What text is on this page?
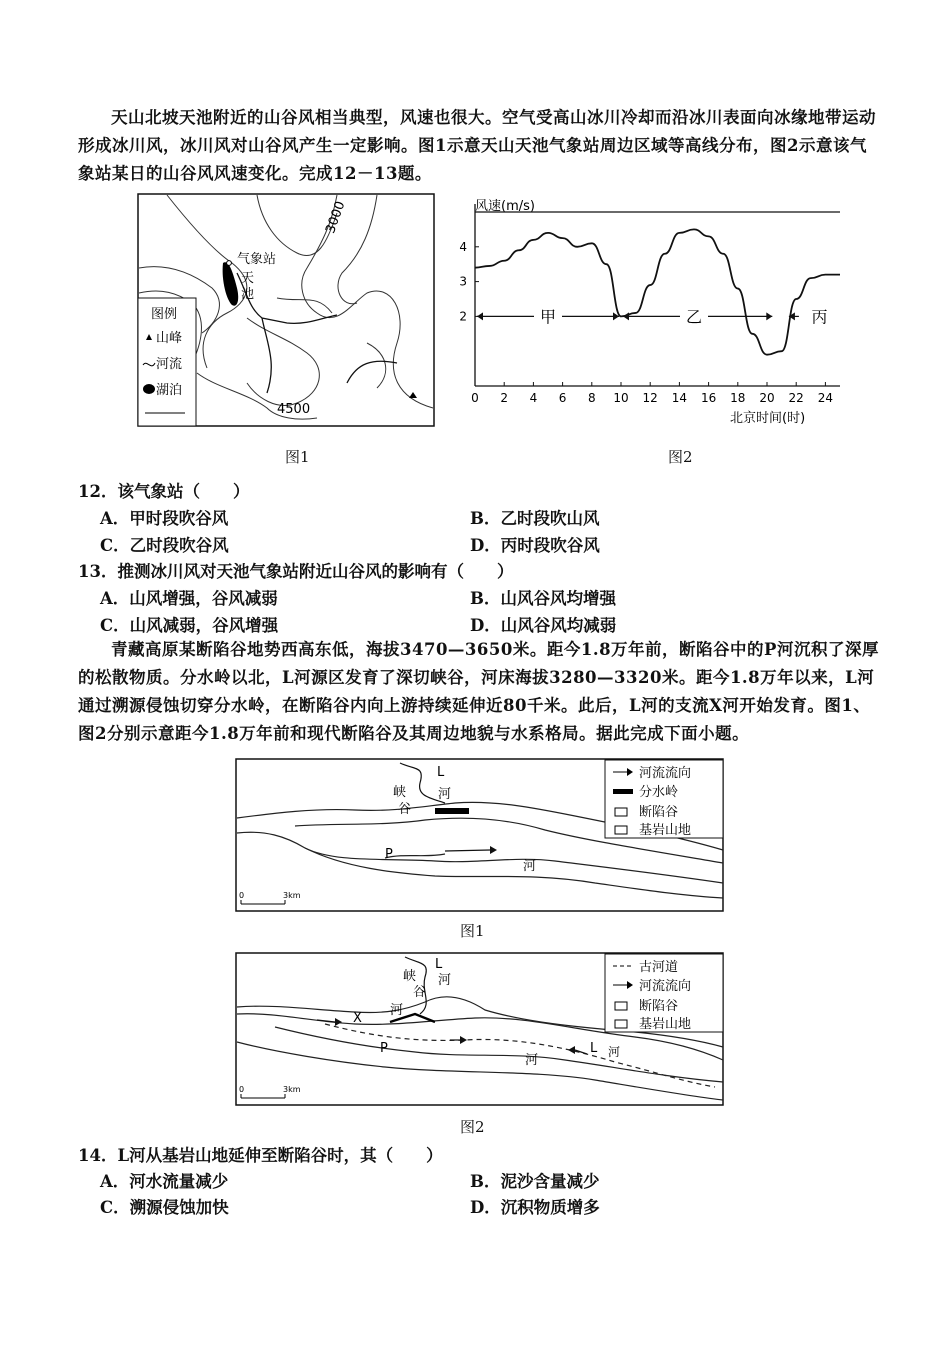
天山北坡天池附近的山谷风相当典型，风速也很大。空气受高山冰川冷却而沿冰川表面向冰缘地带运动形成冰川风，冰川风对山谷风产生一定影响。图1示意天山天池气象站周边区域等高线分布，图2示意该气象站某日的山谷风风速变化。完成12－13题。

气象站
天
池
3000
4500
图例
山峰
河流
湖泊
图1
风速(m/s)
0 2 4 6 8 10 12 14 16 18 20 22 24
2
3
4
北京时间(时)
甲	乙	丙
图2
12．该气象站（　　）
A．甲时段吹谷风	B．乙时段吹山风
C．乙时段吹谷风	D．丙时段吹谷风
13．推测冰川风对天池气象站附近山谷风的影响有（　　）
A．山风增强，谷风减弱	B．山风谷风均增强
C．山风减弱，谷风增强	D．山风谷风均减弱

青藏高原某断陷谷地势西高东低，海拔3470—3650米。距今1.8万年前，断陷谷中的P河沉积了深厚的松散物质。分水岭以北，L河源区发育了深切峡谷，河床海拔3280—3320米。距今1.8万年以来，L河通过溯源侵蚀切穿分水岭，在断陷谷内向上游持续延伸近80千米。此后，L河的支流X河开始发育。图1、图2分别示意距今1.8万年前和现代断陷谷及其周边地貌与水系格局。据此完成下面小题。

峡
谷
L
河
P
河
河流流向
分水岭
断陷谷
基岩山地
0	3km
图1
峡
谷
L
河
X
河
P
河
L 河
古河道
河流流向
断陷谷
基岩山地
0	3km
图2
14．L河从基岩山地延伸至断陷谷时，其（　　）
A．河水流量减少	B．泥沙含量减少
C．溯源侵蚀加快	D．沉积物质增多
